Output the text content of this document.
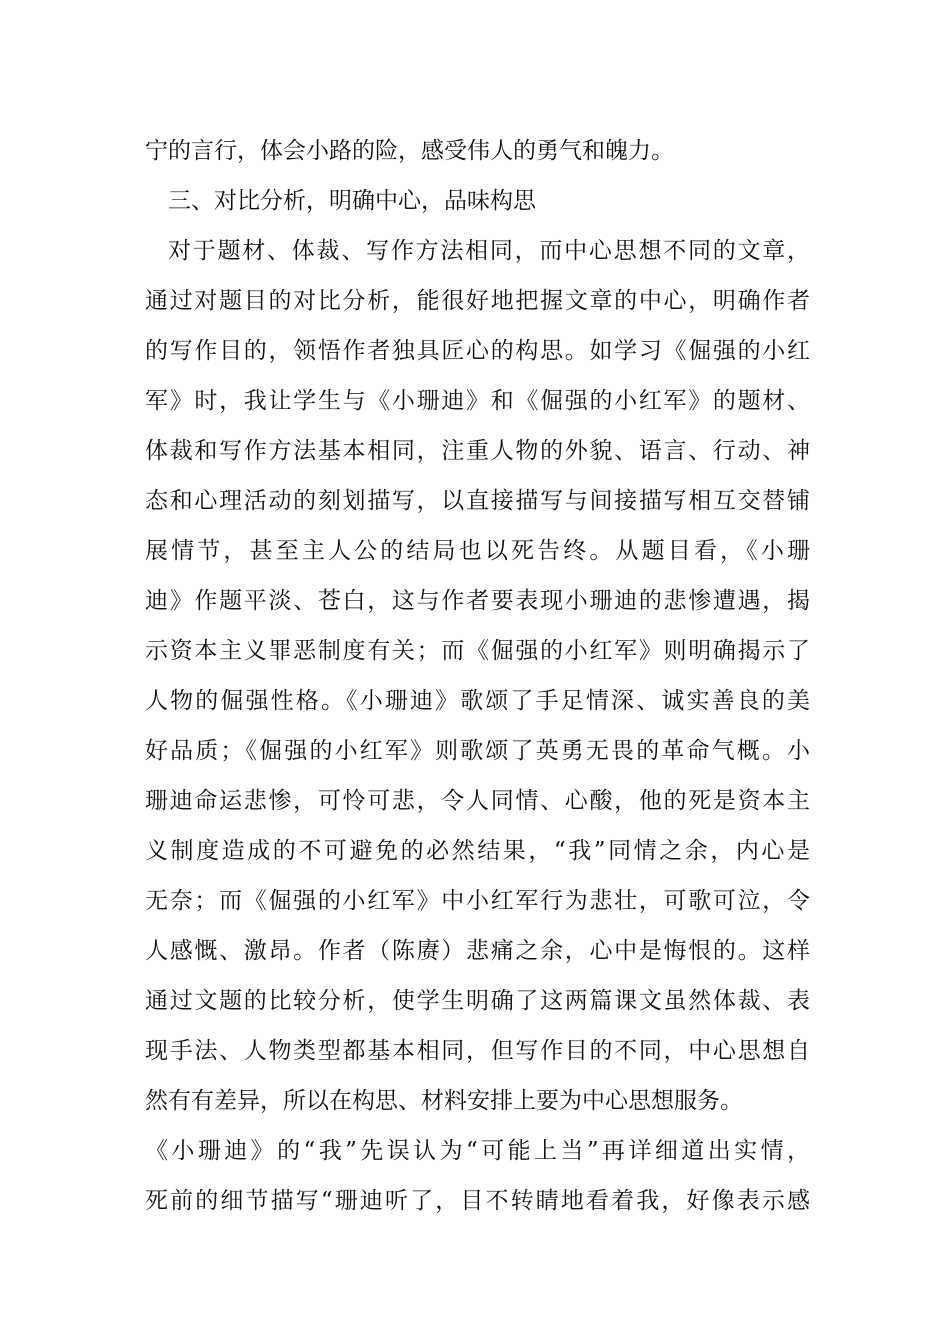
宁的言行，体会小路的险，感受伟人的勇气和魄力。
三、对比分析，明确中心，品味构思
对于题材、体裁、写作方法相同，而中心思想不同的文章，
通过对题目的对比分析，能很好地把握文章的中心，明确作者
的写作目的，领悟作者独具匠心的构思。如学习《倔强的小红
军》时，我让学生与《小珊迪》和《倔强的小红军》的题材、
体裁和写作方法基本相同，注重人物的外貌、语言、行动、神
态和心理活动的刻划描写，以直接描写与间接描写相互交替铺
展情节，甚至主人公的结局也以死告终。从题目看，《小珊
迪》作题平淡、苍白，这与作者要表现小珊迪的悲惨遭遇，揭
示资本主义罪恶制度有关；而《倔强的小红军》则明确揭示了
人物的倔强性格。《小珊迪》歌颂了手足情深、诚实善良的美
好品质；《倔强的小红军》则歌颂了英勇无畏的革命气概。小
珊迪命运悲惨，可怜可悲，令人同情、心酸，他的死是资本主
义制度造成的不可避免的必然结果，“我”同情之余，内心是
无奈；而《倔强的小红军》中小红军行为悲壮，可歌可泣，令
人感慨、激昂。作者（陈赓）悲痛之余，心中是悔恨的。这样
通过文题的比较分析，使学生明确了这两篇课文虽然体裁、表
现手法、人物类型都基本相同，但写作目的不同，中心思想自
然有有差异，所以在构思、材料安排上要为中心思想服务。
《小珊迪》的“我”先误认为“可能上当”再详细道出实情，
死前的细节描写“珊迪听了，目不转睛地看着我，好像表示感
